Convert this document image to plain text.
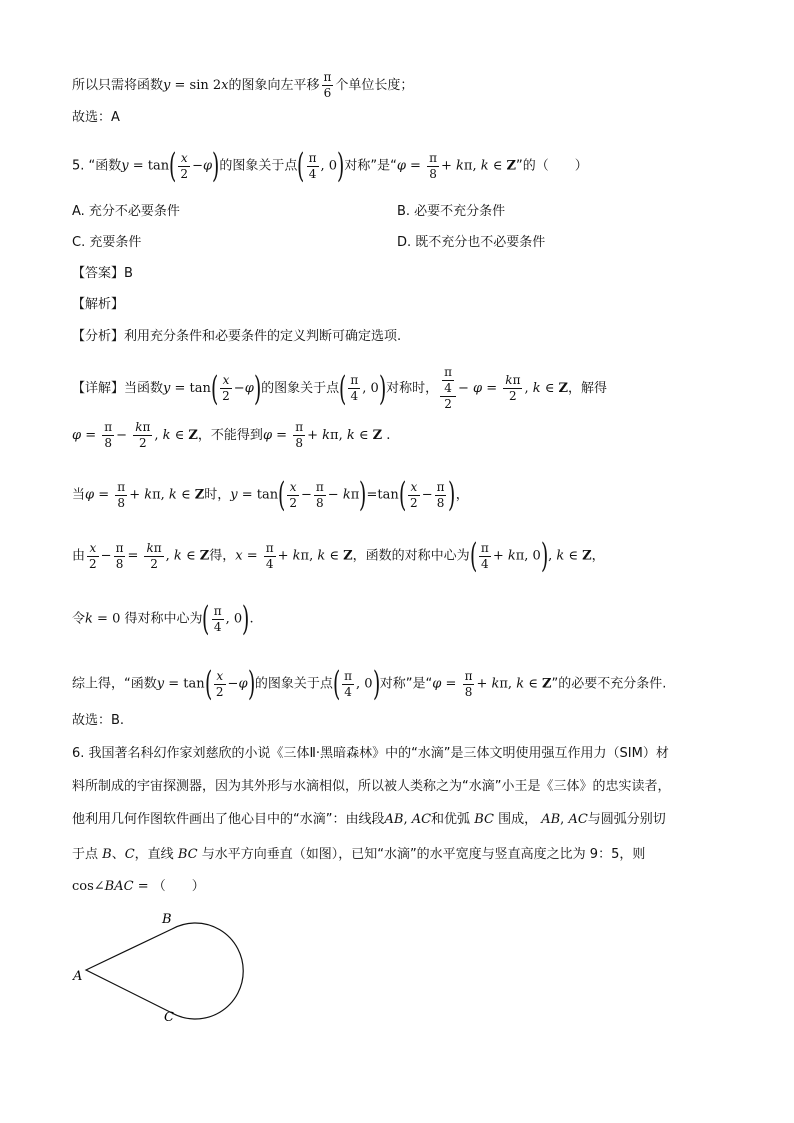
所以只需将函数y = sin 2x的图象向左平移 $\frac{\pi}{6}$ 个单位长度；
故选：A
5. “函数$y = \tan( \frac{x}{2} -\varphi)$的图象关于点( $\frac{\pi}{4}$ , 0)对称”是“$\varphi = \frac{\pi}{8} + k\pi$, k ∈ Z”的（　　）
A. 充分不必要条件	B. 必要不充分条件
C. 充要条件	D. 既不充分也不必要条件
【答案】B
【解析】
【分析】利用充分条件和必要条件的定义判断可确定选项.
【详解】当函数$y = \tan( \frac{x}{2} -\varphi)$的图象关于点( $\frac{\pi}{4}$ , 0)对称时， $\frac{\frac{\pi}{4}}{2} - \varphi = \frac{k\pi}{2}$ , k ∈ Z，解得
$\varphi = \frac{\pi}{8} - \frac{k\pi}{2}$ , k ∈ Z，不能得到$\varphi = \frac{\pi}{8} + k\pi$, k ∈ Z .
当$\varphi = \frac{\pi}{8} + k\pi$, k ∈ Z时，$y = \tan( \frac{x}{2} - \frac{\pi}{8} - k\pi)=\tan( \frac{x}{2} - \frac{\pi}{8}$ )，
由 $\frac{x}{2} - \frac{\pi}{8} = \frac{k\pi}{2}$ , k ∈ Z得，$x = \frac{\pi}{4} + k\pi$, k ∈ Z，函数的对称中心为( $\frac{\pi}{4} + k\pi$, 0), k ∈ Z，
令k = 0 得对称中心为( $\frac{\pi}{4}$ , 0).
综上得，“函数$y = \tan( \frac{x}{2} -\varphi)$的图象关于点( $\frac{\pi}{4}$ , 0)对称”是“$\varphi = \frac{\pi}{8} + k\pi$, k ∈ Z”的必要不充分条件.
故选：B.
6. 我国著名科幻作家刘慈欣的小说《三体Ⅱ·黑暗森林》中的“水滴”是三体文明使用强互作用力（SIM）材
料所制成的宇宙探测器，因为其外形与水滴相似，所以被人类称之为“水滴”小王是《三体》的忠实读者，
他利用几何作图软件画出了他心目中的“水滴”：由线段AB, AC和优弧 BC 围成， AB, AC与圆弧分别切
于点 B、C，直线 BC 与水平方向垂直（如图），已知“水滴”的水平宽度与竖直高度之比为 9：5，则
cos∠BAC = （　　）
A
B
C
